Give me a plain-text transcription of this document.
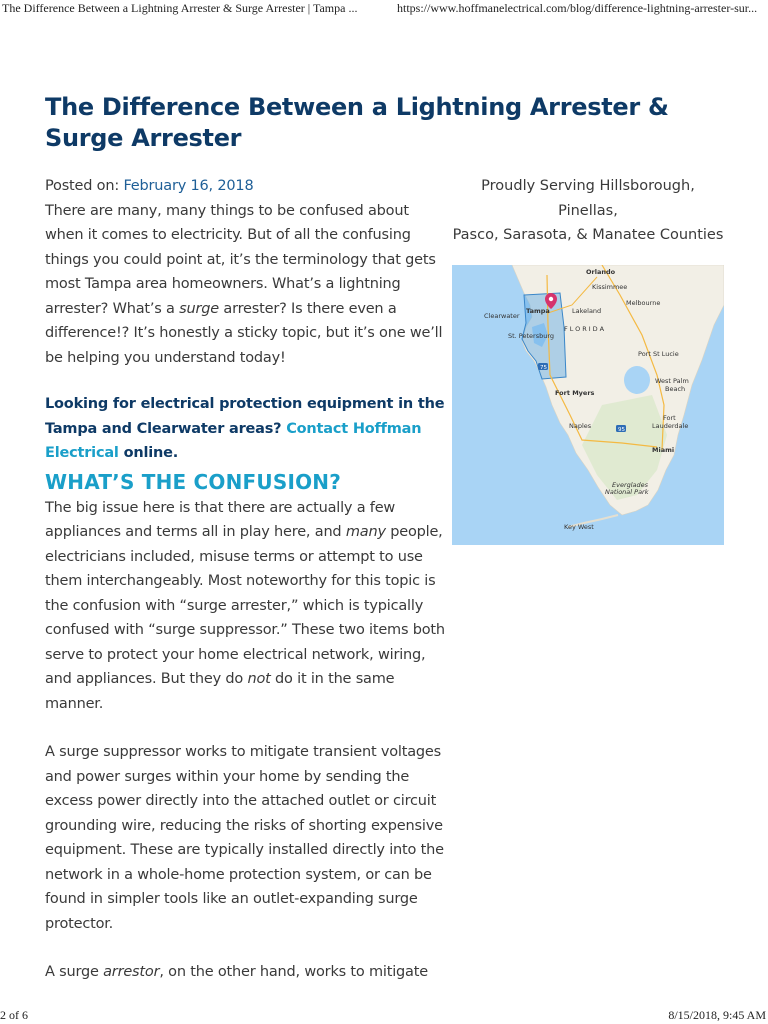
The Difference Between a Lightning Arrester & Surge Arrester | Tampa ...	https://www.hoffmanelectrical.com/blog/difference-lightning-arrester-sur...
The Difference Between a Lightning Arrester & Surge Arrester

Posted on: February 16, 2018

There are many, many things to be confused about when it comes to electricity. But of all the confusing things you could point at, it’s the terminology that gets most Tampa area homeowners. What’s a lightning arrester? What’s a surge arrester? Is there even a difference!? It’s honestly a sticky topic, but it’s one we’ll be helping you understand today!

Looking for electrical protection equipment in the Tampa and Clearwater areas? Contact Hoffman Electrical online.

WHAT’S THE CONFUSION?

The big issue here is that there are actually a few appliances and terms all in play here, and many people, electricians included, misuse terms or attempt to use them interchangeably. Most noteworthy for this topic is the confusion with “surge arrester,” which is typically confused with “surge suppressor.” These two items both serve to protect your home electrical network, wiring, and appliances. But they do not do it in the same manner.

A surge suppressor works to mitigate transient voltages and power surges within your home by sending the excess power directly into the attached outlet or circuit grounding wire, reducing the risks of shorting expensive equipment. These are typically installed directly into the network in a whole-home protection system, or can be found in simpler tools like an outlet-expanding surge protector.

A surge arrestor, on the other hand, works to mitigate

Proudly Serving Hillsborough,
Pinellas,
Pasco, Sarasota, & Manatee Counties
Orlando
Kissimmee
Melbourne
Clearwater
Tampa	Lakeland
FLORIDA
St. Petersburg
Port St Lucie
West Palm
Beach
Fort Myers
Naples
Fort
Lauderdale
Miami
Everglades
National Park
Key West
75
95
2 of 6	8/15/2018, 9:45 AM
